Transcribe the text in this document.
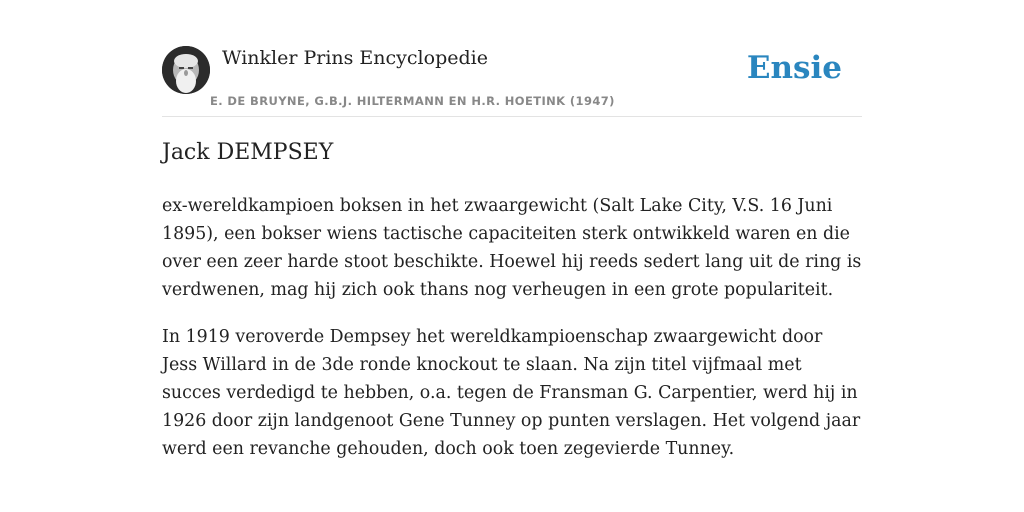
Winkler Prins Encyclopedie
E. DE BRUYNE, G.B.J. HILTERMANN EN H.R. HOETINK (1947)
Ensie
Jack DEMPSEY

ex-wereldkampioen boksen in het zwaargewicht (Salt Lake City, V.S. 16 Juni 1895), een bokser wiens tactische capaciteiten sterk ontwikkeld waren en die over een zeer harde stoot beschikte. Hoewel hij reeds sedert lang uit de ring is verdwenen, mag hij zich ook thans nog verheugen in een grote populariteit.

In 1919 veroverde Dempsey het wereldkampioenschap zwaargewicht door Jess Willard in de 3de ronde knockout te slaan. Na zijn titel vijfmaal met succes verdedigd te hebben, o.a. tegen de Fransman G. Carpentier, werd hij in 1926 door zijn landgenoot Gene Tunney op punten verslagen. Het volgend jaar werd een revanche gehouden, doch ook toen zegevierde Tunney.
